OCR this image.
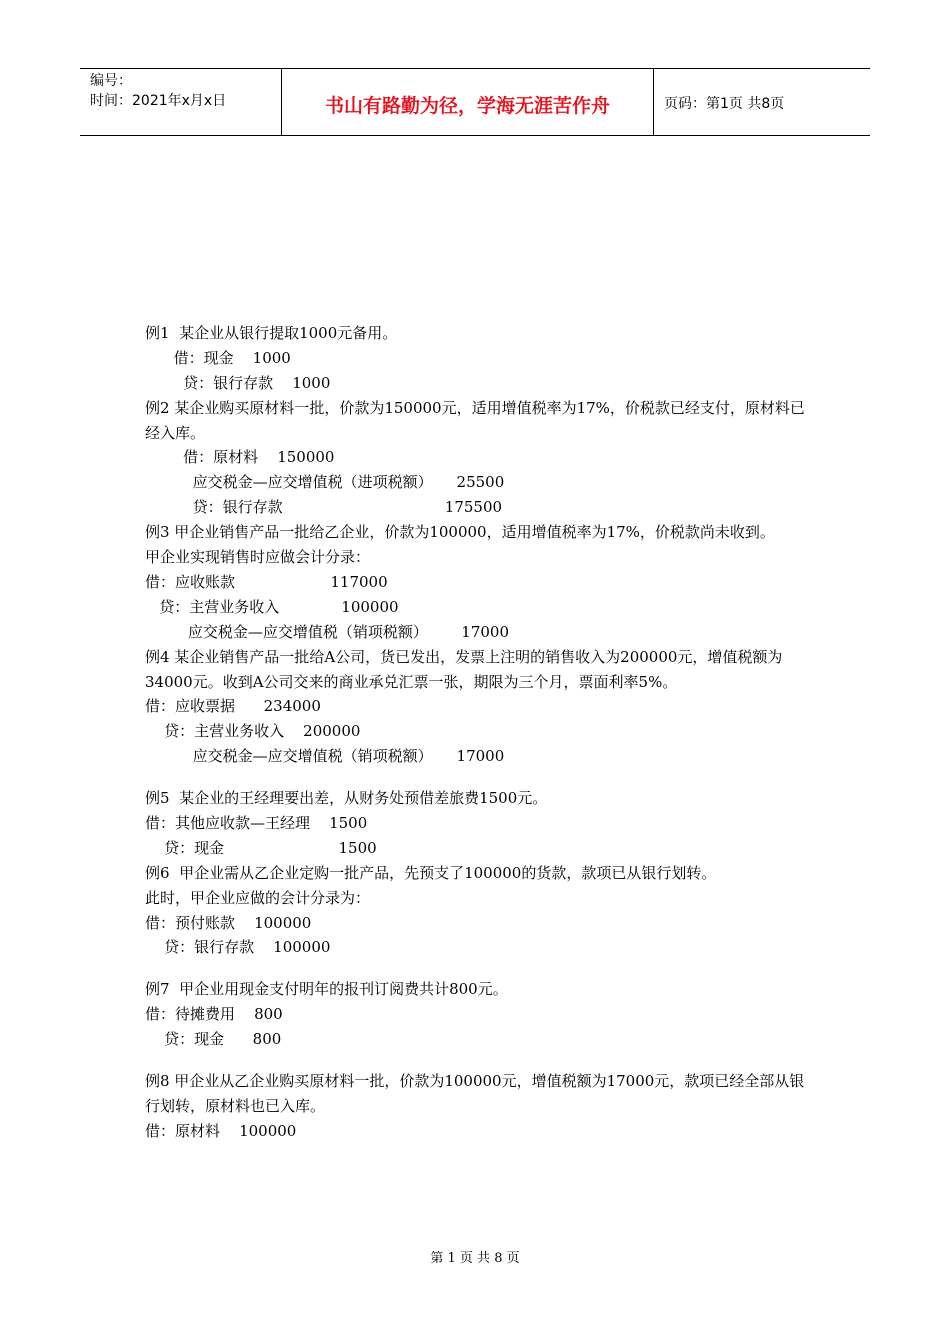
编号：
时间：2021年x月x日	书山有路勤为径，学海无涯苦作舟	页码：第1页 共8页
例1  某企业从银行提取1000元备用。
借：现金    1000
贷：银行存款    1000
例2 某企业购买原材料一批，价款为150000元，适用增值税率为17%，价税款已经支付，原材料已经入库。
借：原材料    150000
应交税金—应交增值税（进项税额）     25500
贷：银行存款                                  175500
例3 甲企业销售产品一批给乙企业，价款为100000，适用增值税率为17%，价税款尚未收到。
甲企业实现销售时应做会计分录：
借：应收账款                    117000
贷：主营业务收入             100000
应交税金—应交增值税（销项税额）       17000
例4 某企业销售产品一批给A公司，货已发出，发票上注明的销售收入为200000元，增值税额为34000元。收到A公司交来的商业承兑汇票一张，期限为三个月，票面利率5%。
借：应收票据      234000
贷：主营业务收入    200000
应交税金—应交增值税（销项税额）     17000
例5  某企业的王经理要出差，从财务处预借差旅费1500元。
借：其他应收款—王经理    1500
贷：现金                        1500
例6  甲企业需从乙企业定购一批产品，先预支了100000的货款，款项已从银行划转。
此时，甲企业应做的会计分录为：
借：预付账款    100000
贷：银行存款    100000
例7  甲企业用现金支付明年的报刊订阅费共计800元。
借：待摊费用    800
贷：现金      800
例8 甲企业从乙企业购买原材料一批，价款为100000元，增值税额为17000元，款项已经全部从银行划转，原材料也已入库。
借：原材料    100000
第 1 页 共 8 页
